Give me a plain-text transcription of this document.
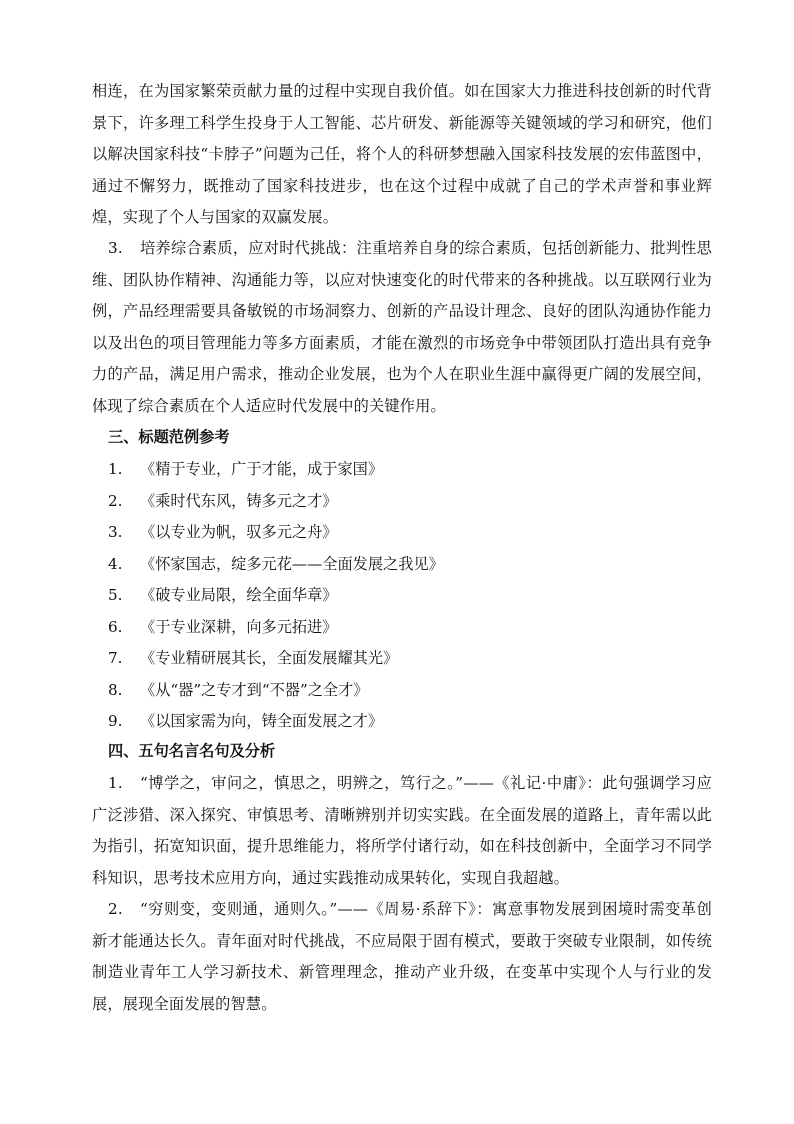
相连，在为国家繁荣贡献力量的过程中实现自我价值。如在国家大力推进科技创新的时代背景下，许多理工科学生投身于人工智能、芯片研发、新能源等关键领域的学习和研究，他们以解决国家科技“卡脖子”问题为己任，将个人的科研梦想融入国家科技发展的宏伟蓝图中，通过不懈努力，既推动了国家科技进步，也在这个过程中成就了自己的学术声誉和事业辉煌，实现了个人与国家的双赢发展。

3. 培养综合素质，应对时代挑战：注重培养自身的综合素质，包括创新能力、批判性思维、团队协作精神、沟通能力等，以应对快速变化的时代带来的各种挑战。以互联网行业为例，产品经理需要具备敏锐的市场洞察力、创新的产品设计理念、良好的团队沟通协作能力以及出色的项目管理能力等多方面素质，才能在激烈的市场竞争中带领团队打造出具有竞争力的产品，满足用户需求，推动企业发展，也为个人在职业生涯中赢得更广阔的发展空间，体现了综合素质在个人适应时代发展中的关键作用。

三、标题范例参考
1. 《精于专业，广于才能，成于家国》
2. 《乘时代东风，铸多元之才》
3. 《以专业为帆，驭多元之舟》
4. 《怀家国志，绽多元花——全面发展之我见》
5. 《破专业局限，绘全面华章》
6. 《于专业深耕，向多元拓进》
7. 《专业精研展其长，全面发展耀其光》
8. 《从“器”之专才到“不器”之全才》
9. 《以国家需为向，铸全面发展之才》
四、五句名言名句及分析

1. “博学之，审问之，慎思之，明辨之，笃行之。”——《礼记·中庸》：此句强调学习应广泛涉猎、深入探究、审慎思考、清晰辨别并切实实践。在全面发展的道路上，青年需以此为指引，拓宽知识面，提升思维能力，将所学付诸行动，如在科技创新中，全面学习不同学科知识，思考技术应用方向，通过实践推动成果转化，实现自我超越。

2. “穷则变，变则通，通则久。”——《周易·系辞下》：寓意事物发展到困境时需变革创新才能通达长久。青年面对时代挑战，不应局限于固有模式，要敢于突破专业限制，如传统制造业青年工人学习新技术、新管理理念，推动产业升级，在变革中实现个人与行业的发展，展现全面发展的智慧。
